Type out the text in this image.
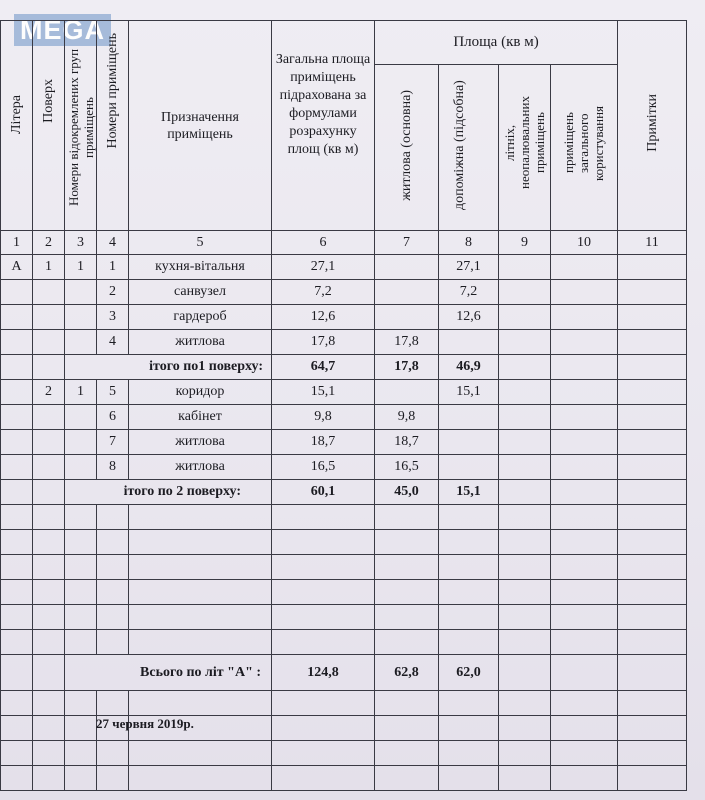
MEGA
Літера	Поверх	Номери відокремлених груп приміщень	Номери приміщень	Призначення приміщень	Загальна площа приміщень підрахована за формулами розрахунку площ (кв м)	Площа (кв м)				Примітки
						житлова (основна)	допоміжна (підсобна)	літніх, неопалювальних приміщень	приміщень загального користування	
1	2	3	4	5	6	7	8	9	10	11
А	1	1	1	кухня-вітальня	27,1		27,1			
			2	санвузел	7,2		7,2			
			3	гардероб	12,6		12,6			
			4	житлова	17,8	17,8				
		ітого по1 поверху:			64,7	17,8	46,9			
	2	1	5	коридор	15,1		15,1			
			6	кабінет	9,8	9,8				
			7	житлова	18,7	18,7				
			8	житлова	16,5	16,5				
		ітого по 2 поверху:			60,1	45,0	15,1			

		Всього по літ "А" :			124,8	62,8	62,0			

27 червня 2019р.
